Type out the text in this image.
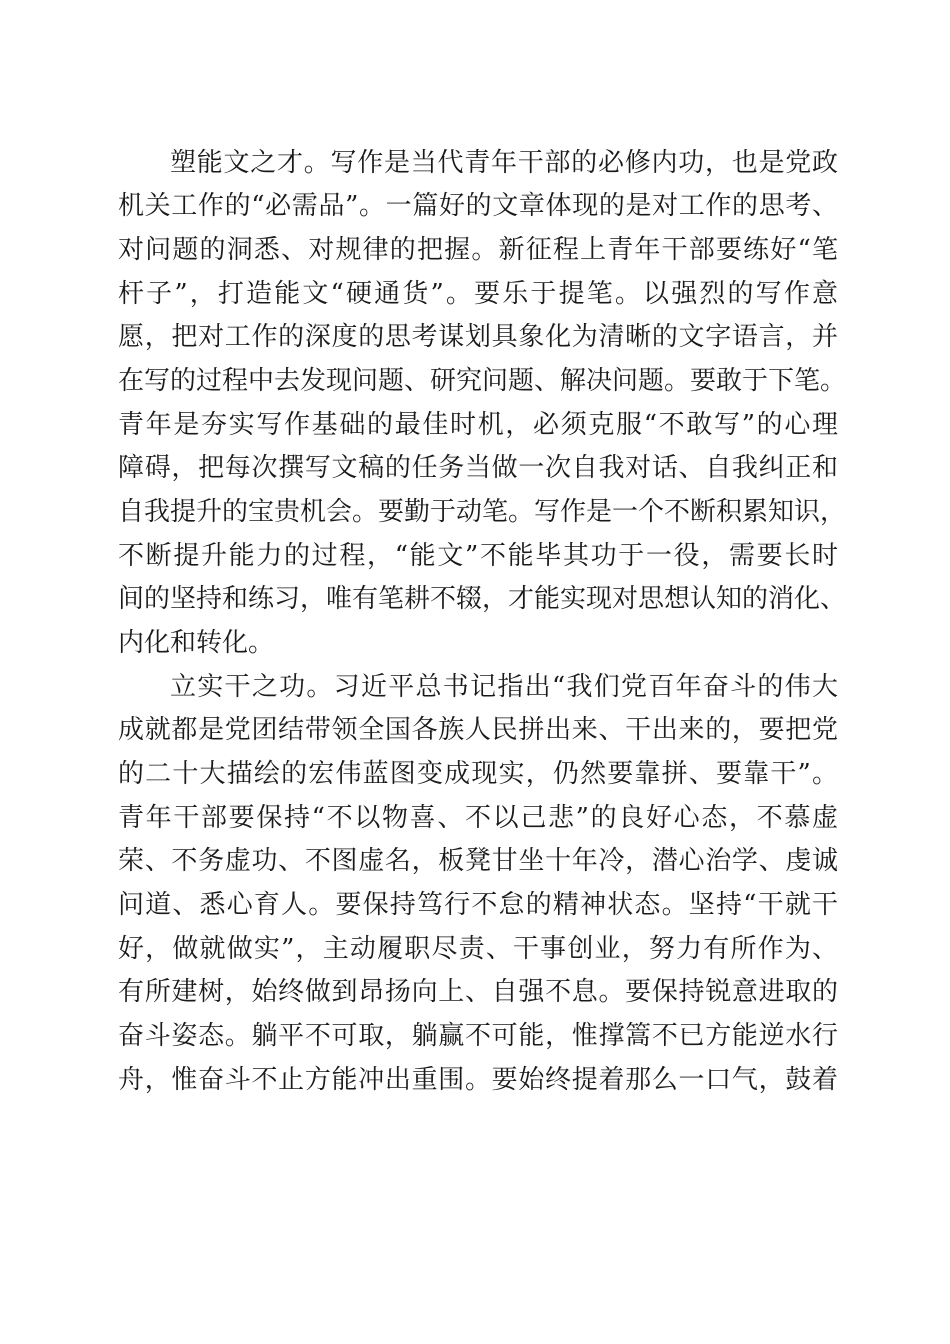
塑能文之才。写作是当代青年干部的必修内功，也是党政
机关工作的“必需品”。一篇好的文章体现的是对工作的思考、
对问题的洞悉、对规律的把握。新征程上青年干部要练好“笔
杆子”，打造能文“硬通货”。要乐于提笔。以强烈的写作意
愿，把对工作的深度的思考谋划具象化为清晰的文字语言，并
在写的过程中去发现问题、研究问题、解决问题。要敢于下笔。
青年是夯实写作基础的最佳时机，必须克服“不敢写”的心理
障碍，把每次撰写文稿的任务当做一次自我对话、自我纠正和
自我提升的宝贵机会。要勤于动笔。写作是一个不断积累知识，
不断提升能力的过程，“能文”不能毕其功于一役，需要长时
间的坚持和练习，唯有笔耕不辍，才能实现对思想认知的消化、
内化和转化。
立实干之功。习近平总书记指出“我们党百年奋斗的伟大
成就都是党团结带领全国各族人民拼出来、干出来的，要把党
的二十大描绘的宏伟蓝图变成现实，仍然要靠拼、要靠干”。
青年干部要保持“不以物喜、不以己悲”的良好心态，不慕虚
荣、不务虚功、不图虚名，板凳甘坐十年冷，潜心治学、虔诚
问道、悉心育人。要保持笃行不怠的精神状态。坚持“干就干
好，做就做实”，主动履职尽责、干事创业，努力有所作为、
有所建树，始终做到昂扬向上、自强不息。要保持锐意进取的
奋斗姿态。躺平不可取，躺赢不可能，惟撑篙不已方能逆水行
舟，惟奋斗不止方能冲出重围。要始终提着那么一口气，鼓着
